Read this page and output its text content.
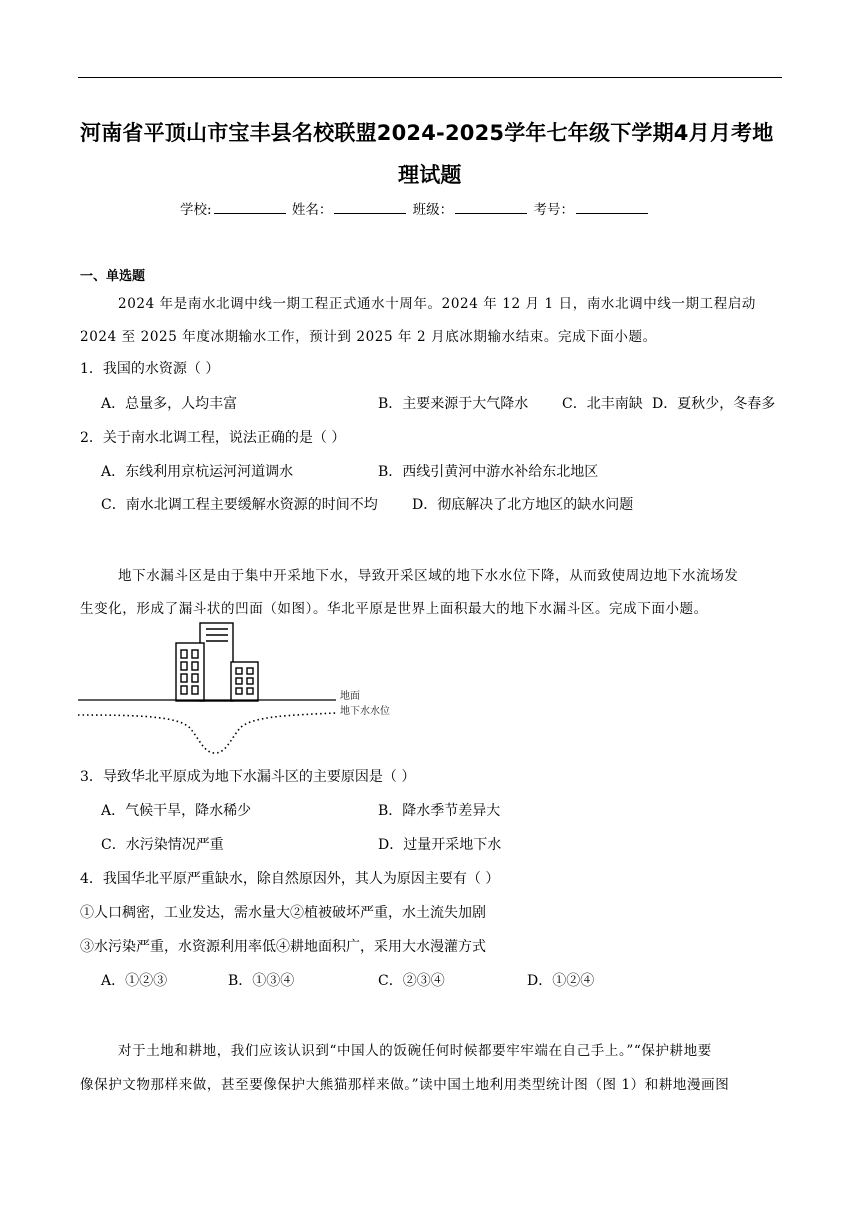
河南省平顶山市宝丰县名校联盟2024-2025学年七年级下学期4月月考地
理试题
学校:	姓名：	班级：	考号：
一、单选题
2024 年是南水北调中线一期工程正式通水十周年。2024 年 12 月 1 日，南水北调中线一期工程启动
2024 至 2025 年度冰期输水工作，预计到 2025 年 2 月底冰期输水结束。完成下面小题。
1．我国的水资源（ ）
A．总量多，人均丰富	B．主要来源于大气降水 C．北丰南缺 D．夏秋少，冬春多
2．关于南水北调工程，说法正确的是（ ）
A．东线利用京杭运河河道调水	B．西线引黄河中游水补给东北地区
C．南水北调工程主要缓解水资源的时间不均 D．彻底解决了北方地区的缺水问题
地下水漏斗区是由于集中开采地下水，导致开采区域的地下水水位下降，从而致使周边地下水流场发
生变化，形成了漏斗状的凹面（如图）。华北平原是世界上面积最大的地下水漏斗区。完成下面小题。
地面
地下水水位
3．导致华北平原成为地下水漏斗区的主要原因是（ ）
A．气候干旱，降水稀少	B．降水季节差异大
C．水污染情况严重	D．过量开采地下水
4．我国华北平原严重缺水，除自然原因外，其人为原因主要有（ ）
①人口稠密，工业发达，需水量大②植被破坏严重，水土流失加剧
③水污染严重，水资源利用率低④耕地面积广，采用大水漫灌方式
A．①②③	B．①③④	C．②③④	D．①②④
对于土地和耕地，我们应该认识到“中国人的饭碗任何时候都要牢牢端在自己手上。”“保护耕地要
像保护文物那样来做，甚至要像保护大熊猫那样来做。”读中国土地利用类型统计图（图 1）和耕地漫画图
